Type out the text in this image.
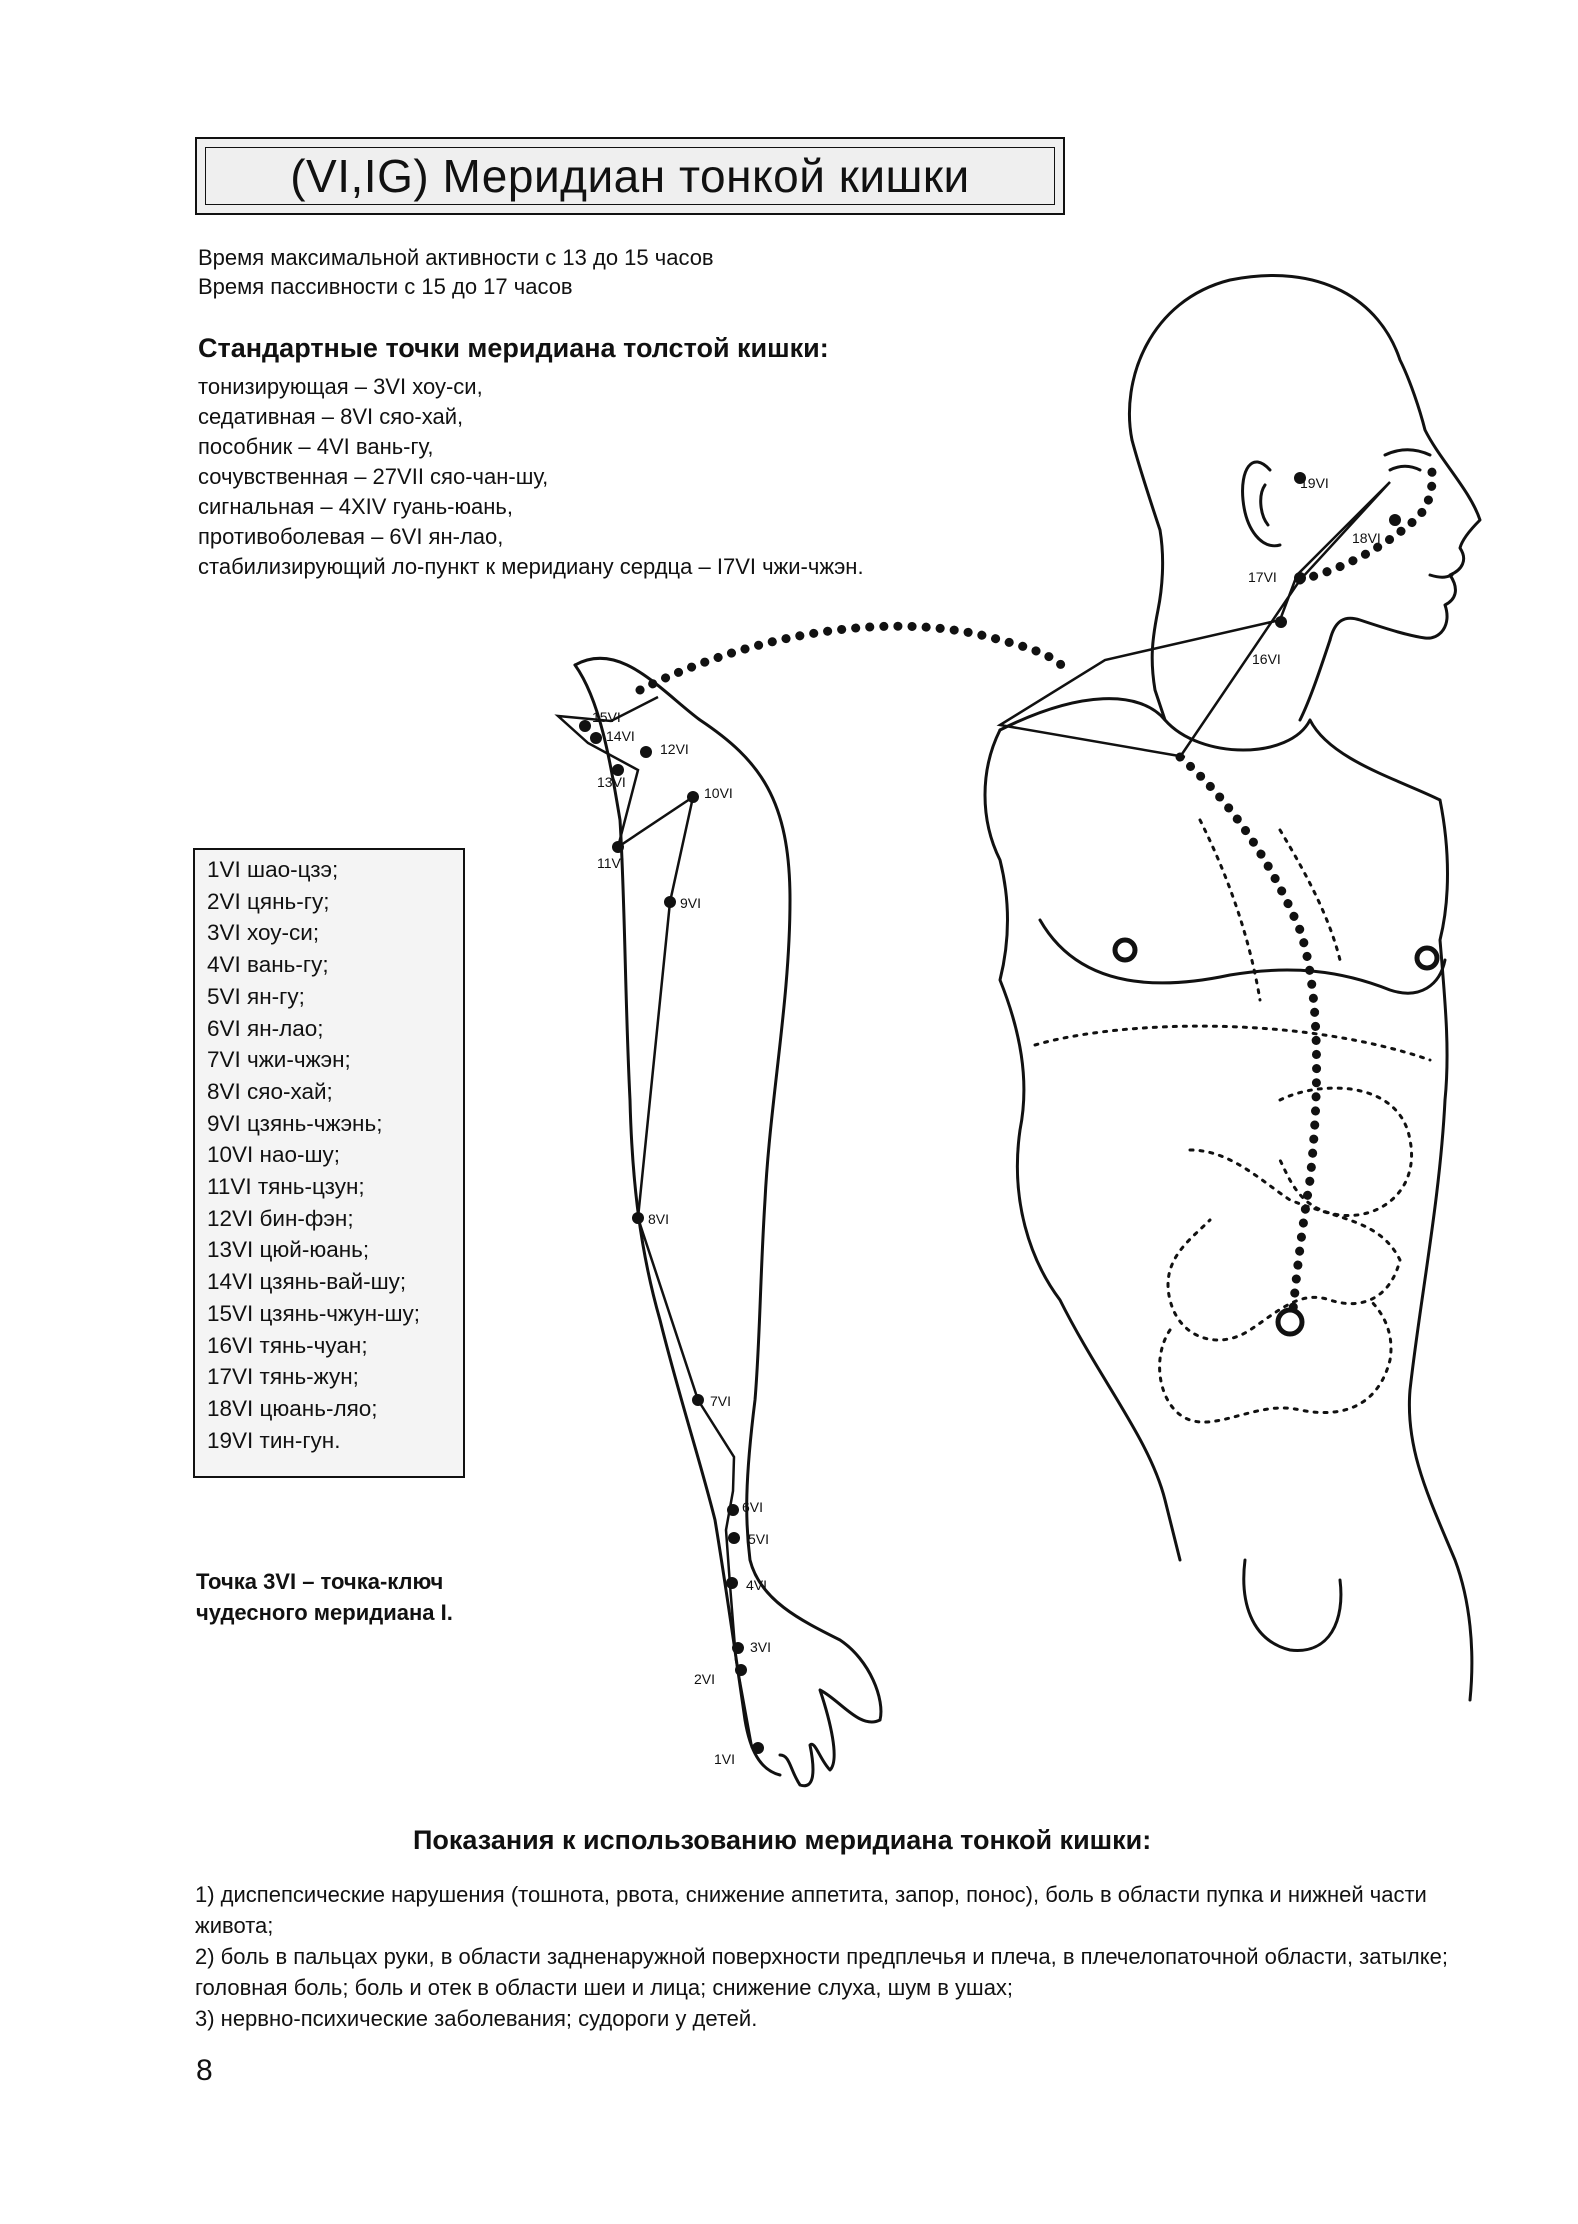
(VI,IG) Меридиан тонкой кишки
Время максимальной активности с 13 до 15 часов
Время пассивности с 15 до 17 часов
Стандартные точки меридиана толстой кишки:
тонизирующая – 3VI хоу-си,
седативная – 8VI сяо-хай,
пособник – 4VI вань-гу,
сочувственная – 27VII сяо-чан-шу,
сигнальная – 4XIV гуань-юань,
противоболевая – 6VI ян-лао,
стабилизирующий ло-пункт к меридиану сердца – I7VI чжи-чжэн.
1VI шао-цзэ;
2VI цянь-гу;
3VI хоу-си;
4VI вань-гу;
5VI ян-гу;
6VI ян-лао;
7VI чжи-чжэн;
8VI сяо-хай;
9VI цзянь-чжэнь;
10VI нао-шу;
11VI тянь-цзун;
12VI бин-фэн;
13VI цюй-юань;
14VI цзянь-вай-шу;
15VI цзянь-чжун-шу;
16VI тянь-чуан;
17VI тянь-жун;
18VI цюань-ляо;
19VI тин-гун.
Точка 3VI – точка-ключ
чудесного меридиана I.
1VI
2VI
3VI
4VI
5VI
6VI
7VI
8VI
9VI
10VI
11VI
12VI
13VI
14VI
15VI
16VI
17VI
18VI
19VI
Показания к использованию меридиана тонкой кишки:
1) диспепсические нарушения (тошнота, рвота, снижение аппетита, запор, понос), боль в области пупка и нижней части живота;
2) боль в пальцах руки, в области задненаружной поверхности предплечья и плеча, в плечелопаточной области, затылке; головная боль; боль и отек в области шеи и лица; снижение слуха, шум в ушах;
3) нервно-психические заболевания; судороги у детей.
8
